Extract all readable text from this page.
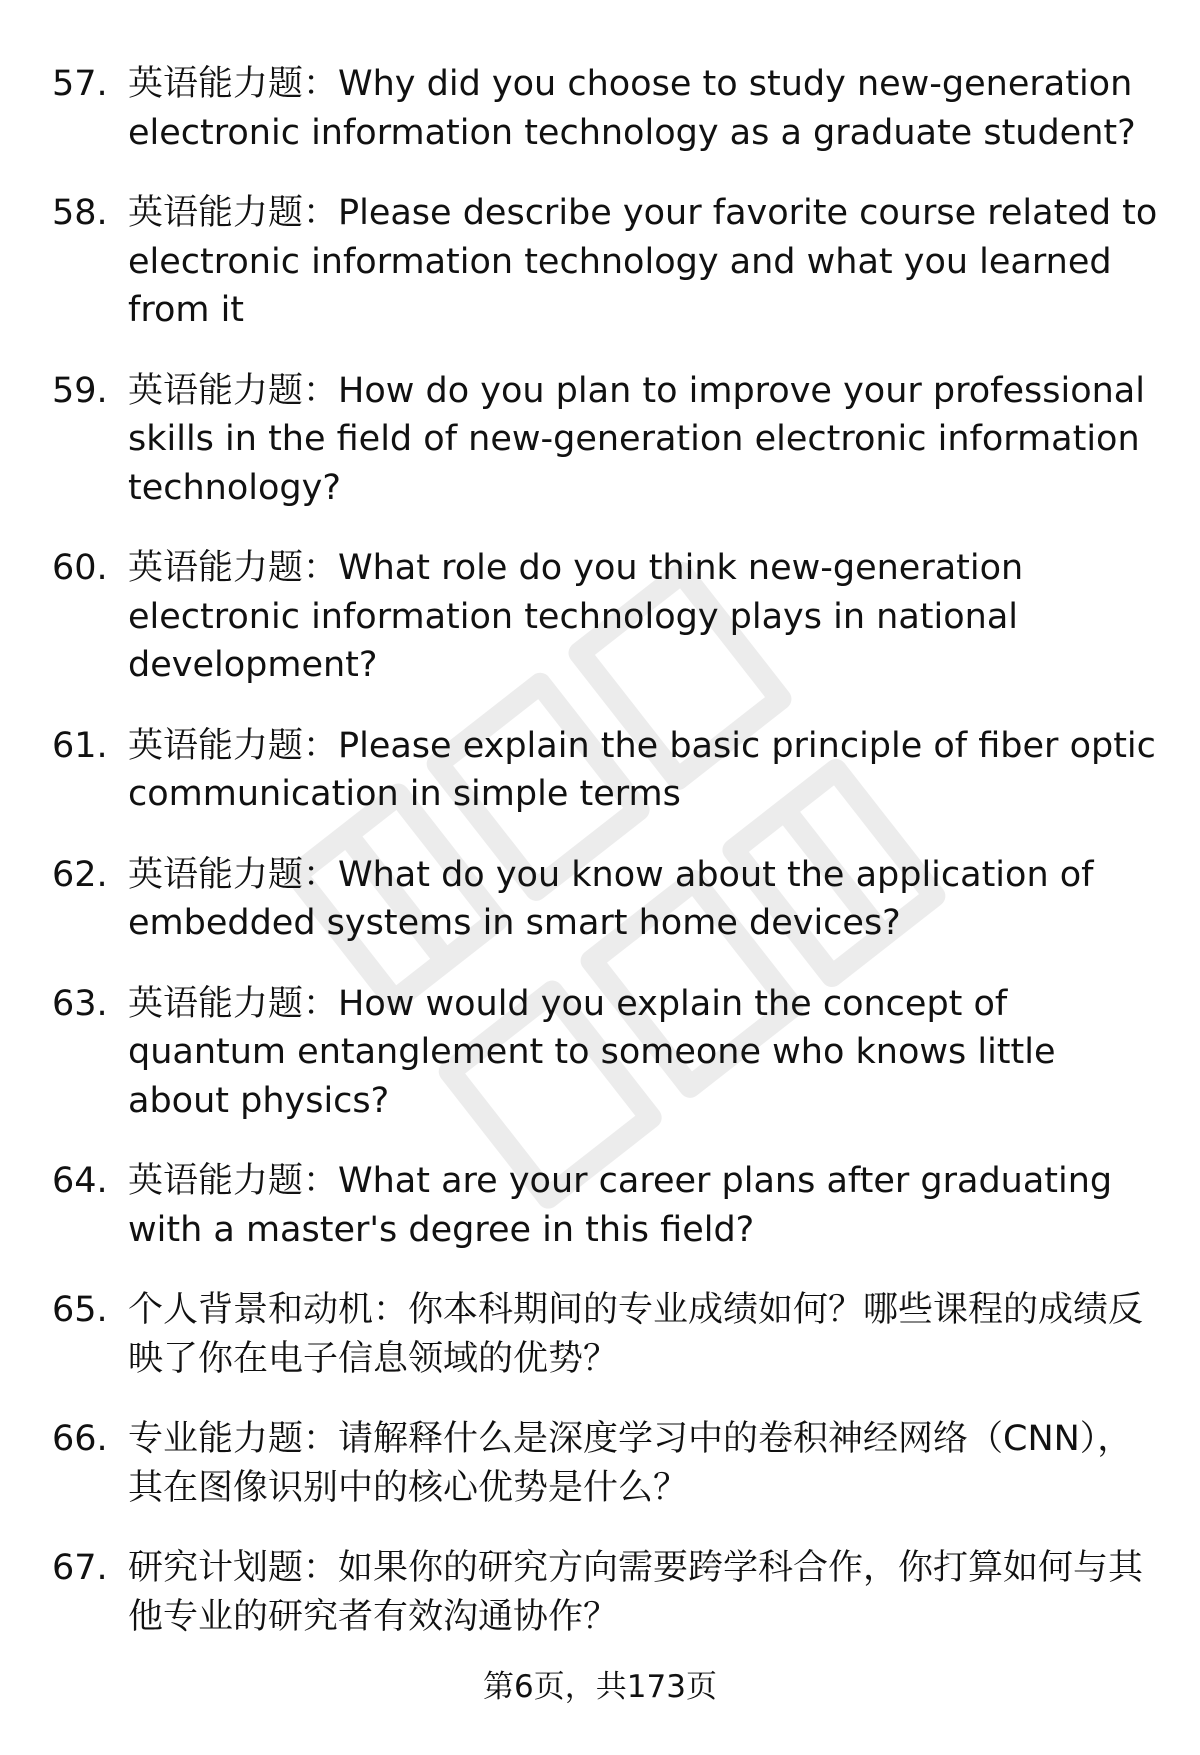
57. 英语能力题：Why did you choose to study new-generation electronic information technology as a graduate student?
58. 英语能力题：Please describe your favorite course related to electronic information technology and what you learned from it
59. 英语能力题：How do you plan to improve your professional skills in the field of new-generation electronic information technology?
60. 英语能力题：What role do you think new-generation electronic information technology plays in national development?
61. 英语能力题：Please explain the basic principle of fiber optic communication in simple terms
62. 英语能力题：What do you know about the application of embedded systems in smart home devices?
63. 英语能力题：How would you explain the concept of quantum entanglement to someone who knows little about physics?
64. 英语能力题：What are your career plans after graduating with a master's degree in this field?
65. 个人背景和动机：你本科期间的专业成绩如何？哪些课程的成绩反映了你在电子信息领域的优势？
66. 专业能力题：请解释什么是深度学习中的卷积神经网络（CNN），其在图像识别中的核心优势是什么？
67. 研究计划题：如果你的研究方向需要跨学科合作，你打算如何与其他专业的研究者有效沟通协作？
第6页，共173页
